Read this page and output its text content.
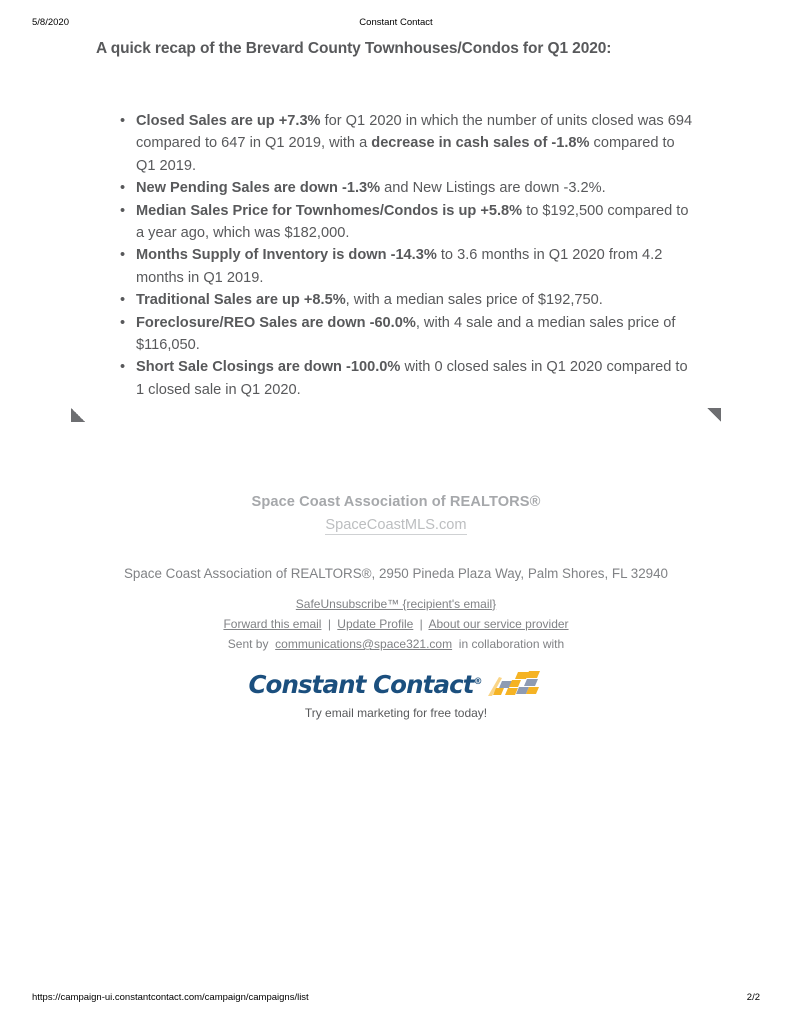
5/8/2020	Constant Contact
A quick recap of the Brevard County Townhouses/Condos for Q1 2020:
• Closed Sales are up +7.3% for Q1 2020 in which the number of units closed was 694 compared to 647 in Q1 2019, with a decrease in cash sales of -1.8% compared to Q1 2019.
• New Pending Sales are down -1.3% and New Listings are down -3.2%.
• Median Sales Price for Townhomes/Condos is up +5.8% to $192,500 compared to a year ago, which was $182,000.
• Months Supply of Inventory is down -14.3% to 3.6 months in Q1 2020 from 4.2 months in Q1 2019.
• Traditional Sales are up +8.5%, with a median sales price of $192,750.
• Foreclosure/REO Sales are down -60.0%, with 4 sale and a median sales price of $116,050.
• Short Sale Closings are down -100.0% with 0 closed sales in Q1 2020 compared to 1 closed sale in Q1 2020.
Space Coast Association of REALTORS®
SpaceCoastMLS.com
Space Coast Association of REALTORS®, 2950 Pineda Plaza Way, Palm Shores, FL 32940
SafeUnsubscribe™ {recipient's email}
Forward this email | Update Profile | About our service provider
Sent by communications@space321.com in collaboration with
Constant Contact®
Try email marketing for free today!
https://campaign-ui.constantcontact.com/campaign/campaigns/list	2/2
